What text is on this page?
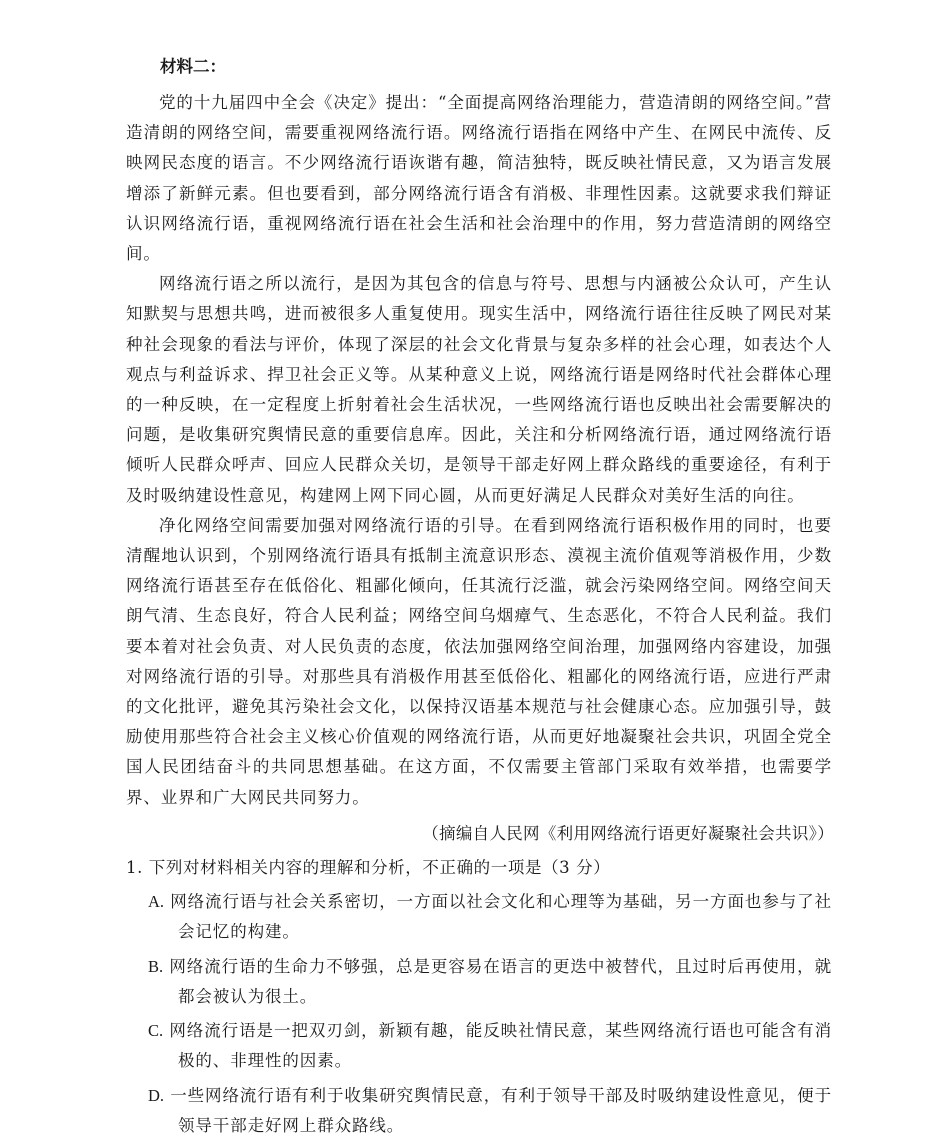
材料二：

党的十九届四中全会《决定》提出：“全面提高网络治理能力，营造清朗的网络空间。”营造清朗的网络空间，需要重视网络流行语。网络流行语指在网络中产生、在网民中流传、反映网民态度的语言。不少网络流行语诙谐有趣，简洁独特，既反映社情民意，又为语言发展增添了新鲜元素。但也要看到，部分网络流行语含有消极、非理性因素。这就要求我们辩证认识网络流行语，重视网络流行语在社会生活和社会治理中的作用，努力营造清朗的网络空间。

网络流行语之所以流行，是因为其包含的信息与符号、思想与内涵被公众认可，产生认知默契与思想共鸣，进而被很多人重复使用。现实生活中，网络流行语往往反映了网民对某种社会现象的看法与评价，体现了深层的社会文化背景与复杂多样的社会心理，如表达个人观点与利益诉求、捍卫社会正义等。从某种意义上说，网络流行语是网络时代社会群体心理的一种反映，在一定程度上折射着社会生活状况，一些网络流行语也反映出社会需要解决的问题，是收集研究舆情民意的重要信息库。因此，关注和分析网络流行语，通过网络流行语倾听人民群众呼声、回应人民群众关切，是领导干部走好网上群众路线的重要途径，有利于及时吸纳建设性意见，构建网上网下同心圆，从而更好满足人民群众对美好生活的向往。

净化网络空间需要加强对网络流行语的引导。在看到网络流行语积极作用的同时，也要清醒地认识到，个别网络流行语具有抵制主流意识形态、漠视主流价值观等消极作用，少数网络流行语甚至存在低俗化、粗鄙化倾向，任其流行泛滥，就会污染网络空间。网络空间天朗气清、生态良好，符合人民利益；网络空间乌烟瘴气、生态恶化，不符合人民利益。我们要本着对社会负责、对人民负责的态度，依法加强网络空间治理，加强网络内容建设，加强对网络流行语的引导。对那些具有消极作用甚至低俗化、粗鄙化的网络流行语，应进行严肃的文化批评，避免其污染社会文化，以保持汉语基本规范与社会健康心态。应加强引导，鼓励使用那些符合社会主义核心价值观的网络流行语，从而更好地凝聚社会共识，巩固全党全国人民团结奋斗的共同思想基础。在这方面，不仅需要主管部门采取有效举措，也需要学界、业界和广大网民共同努力。

（摘编自人民网《利用网络流行语更好凝聚社会共识》）
1. 下列对材料相关内容的理解和分析，不正确的一项是（3 分）
A. 网络流行语与社会关系密切，一方面以社会文化和心理等为基础，另一方面也参与了社会记忆的构建。
B. 网络流行语的生命力不够强，总是更容易在语言的更迭中被替代，且过时后再使用，就都会被认为很土。
C. 网络流行语是一把双刃剑，新颖有趣，能反映社情民意，某些网络流行语也可能含有消极的、非理性的因素。
D. 一些网络流行语有利于收集研究舆情民意，有利于领导干部及时吸纳建设性意见，便于领导干部走好网上群众路线。
